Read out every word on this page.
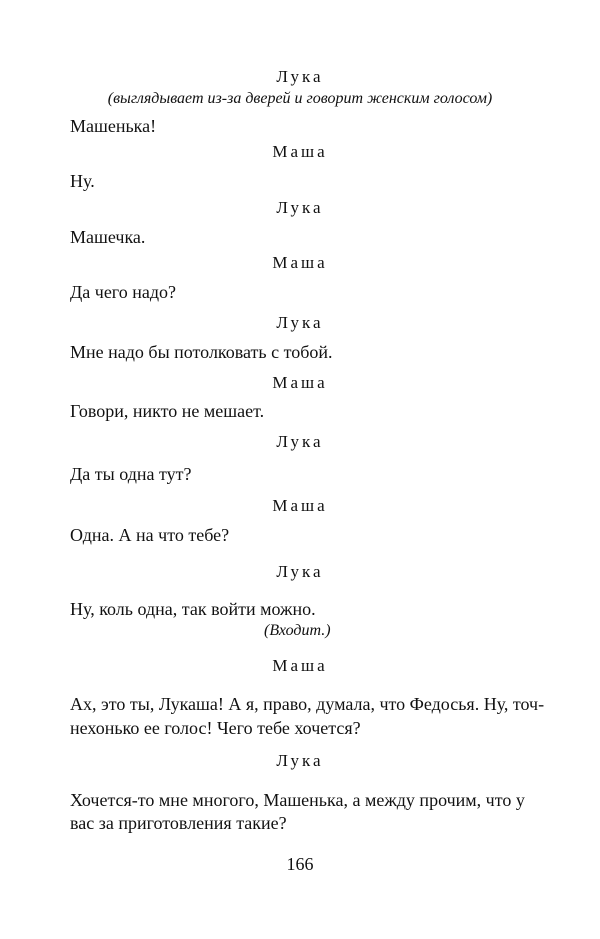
Лука
(выглядывает из-за дверей и говорит женским голосом)
Машенька!
Маша
Ну.
Лука
Машечка.
Маша
Да чего надо?
Лука
Мне надо бы потолковать с тобой.
Маша
Говори, никто не мешает.
Лука
Да ты одна тут?
Маша
Одна. А на что тебе?
Лука
Ну, коль одна, так войти можно.
(Входит.)
Маша
Ах, это ты, Лукаша! А я, право, думала, что Федосья. Ну, точ-
нехонько ее голос! Чего тебе хочется?
Лука
Хочется-то мне многого, Машенька, а между прочим, что у
вас за приготовления такие?
166
